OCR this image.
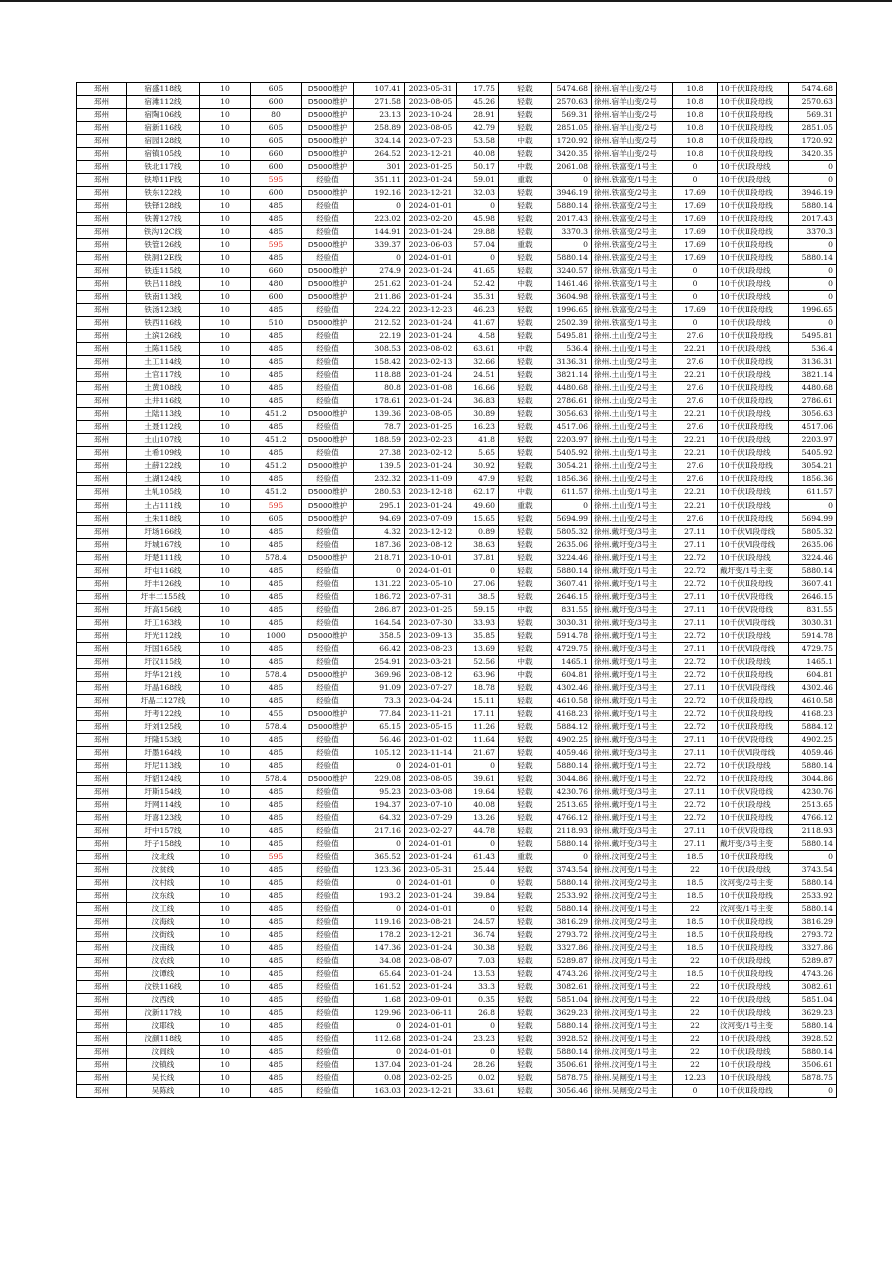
邳州	宿盛118线	10	605	D5000维护	107.41	2023-05-31	17.75	轻载	5474.68	徐州.宿羊山变/2号	10.8	10千伏Ⅱ段母线	5474.68
邳州	宿滩112线	10	600	D5000维护	271.58	2023-08-05	45.26	轻载	2570.63	徐州.宿羊山变/2号	10.8	10千伏Ⅱ段母线	2570.63
邳州	宿陶106线	10	80	D5000维护	23.13	2023-10-24	28.91	轻载	569.31	徐州.宿羊山变/2号	10.8	10千伏Ⅱ段母线	569.31
邳州	宿新116线	10	605	D5000维护	258.89	2023-08-05	42.79	轻载	2851.05	徐州.宿羊山变/2号	10.8	10千伏Ⅱ段母线	2851.05
邳州	宿园128线	10	605	D5000维护	324.14	2023-07-23	53.58	中载	1720.92	徐州.宿羊山变/2号	10.8	10千伏Ⅱ段母线	1720.92
邳州	宿镇105线	10	660	D5000维护	264.52	2023-12-21	40.08	轻载	3420.35	徐州.宿羊山变/2号	10.8	10千伏Ⅱ段母线	3420.35
邳州	铁北117线	10	600	D5000维护	301	2023-01-25	50.17	中载	2061.08	徐州.铁富变/1号主	0	10千伏Ⅰ段母线	0
邳州	铁埠11F线	10	595	经验值	351.11	2023-01-24	59.01	重载	0	徐州.铁富变/1号主	0	10千伏Ⅰ段母线	0
邳州	铁东122线	10	600	D5000维护	192.16	2023-12-21	32.03	轻载	3946.19	徐州.铁富变/2号主	17.69	10千伏Ⅱ段母线	3946.19
邳州	铁铎128线	10	485	经验值	0	2024-01-01	0	轻载	5880.14	徐州.铁富变/2号主	17.69	10千伏Ⅱ段母线	5880.14
邳州	铁菁127线	10	485	经验值	223.02	2023-02-20	45.98	轻载	2017.43	徐州.铁富变/2号主	17.69	10千伏Ⅱ段母线	2017.43
邳州	铁沟12C线	10	485	经验值	144.91	2023-01-24	29.88	轻载	3370.3	徐州.铁富变/2号主	17.69	10千伏Ⅱ段母线	3370.3
邳州	铁管126线	10	595	D5000维护	339.37	2023-06-03	57.04	重载	0	徐州.铁富变/2号主	17.69	10千伏Ⅱ段母线	0
邳州	铁洞12E线	10	485	经验值	0	2024-01-01	0	轻载	5880.14	徐州.铁富变/2号主	17.69	10千伏Ⅱ段母线	5880.14
邳州	铁连115线	10	660	D5000维护	274.9	2023-01-24	41.65	轻载	3240.57	徐州.铁富变/1号主	0	10千伏Ⅰ段母线	0
邳州	铁吕118线	10	480	D5000维护	251.62	2023-01-24	52.42	中载	1461.46	徐州.铁富变/1号主	0	10千伏Ⅰ段母线	0
邳州	铁南113线	10	600	D5000维护	211.86	2023-01-24	35.31	轻载	3604.98	徐州.铁富变/1号主	0	10千伏Ⅰ段母线	0
邳州	铁汤123线	10	485	经验值	224.22	2023-12-23	46.23	轻载	1996.65	徐州.铁富变/2号主	17.69	10千伏Ⅱ段母线	1996.65
邳州	铁西116线	10	510	D5000维护	212.52	2023-01-24	41.67	轻载	2502.39	徐州.铁富变/1号主	0	10千伏Ⅰ段母线	0
邳州	土滨126线	10	485	经验值	22.19	2023-01-24	4.58	轻载	5495.81	徐州.土山变/2号主	27.6	10千伏Ⅱ段母线	5495.81
邳州	土陈115线	10	485	经验值	308.53	2023-08-02	63.61	中载	536.4	徐州.土山变/1号主	22.21	10千伏Ⅰ段母线	536.4
邳州	土工114线	10	485	经验值	158.42	2023-02-13	32.66	轻载	3136.31	徐州.土山变/2号主	27.6	10千伏Ⅱ段母线	3136.31
邳州	土官117线	10	485	经验值	118.88	2023-01-24	24.51	轻载	3821.14	徐州.土山变/1号主	22.21	10千伏Ⅰ段母线	3821.14
邳州	土黄108线	10	485	经验值	80.8	2023-01-08	16.66	轻载	4480.68	徐州.土山变/2号主	27.6	10千伏Ⅱ段母线	4480.68
邳州	土井116线	10	485	经验值	178.61	2023-01-24	36.83	轻载	2786.61	徐州.土山变/2号主	27.6	10千伏Ⅱ段母线	2786.61
邳州	土陆113线	10	451.2	D5000维护	139.36	2023-08-05	30.89	轻载	3056.63	徐州.土山变/1号主	22.21	10千伏Ⅰ段母线	3056.63
邳州	土聂112线	10	485	经验值	78.7	2023-01-25	16.23	轻载	4517.06	徐州.土山变/2号主	27.6	10千伏Ⅱ段母线	4517.06
邳州	土山107线	10	451.2	D5000维护	188.59	2023-02-23	41.8	轻载	2203.97	徐州.土山变/1号主	22.21	10千伏Ⅰ段母线	2203.97
邳州	土希109线	10	485	经验值	27.38	2023-02-12	5.65	轻载	5405.92	徐州.土山变/1号主	22.21	10千伏Ⅰ段母线	5405.92
邳州	土薛122线	10	451.2	D5000维护	139.5	2023-01-24	30.92	轻载	3054.21	徐州.土山变/2号主	27.6	10千伏Ⅱ段母线	3054.21
邳州	土湖124线	10	485	经验值	232.32	2023-11-09	47.9	轻载	1856.36	徐州.土山变/2号主	27.6	10千伏Ⅱ段母线	1856.36
邳州	土轧105线	10	451.2	D5000维护	280.53	2023-12-18	62.17	中载	611.57	徐州.土山变/1号主	22.21	10千伏Ⅰ段母线	611.57
邳州	土占111线	10	595	D5000维护	295.1	2023-01-24	49.60	重载	0	徐州.土山变/1号主	22.21	10千伏Ⅰ段母线	0
邳州	土朱118线	10	605	D5000维护	94.69	2023-07-09	15.65	轻载	5694.99	徐州.土山变/2号主	27.6	10千伏Ⅱ段母线	5694.99
邳州	圩场166线	10	485	经验值	4.32	2023-12-12	0.89	轻载	5805.32	徐州.戴圩变/3号主	27.11	10千伏Ⅵ段母线	5805.32
邳州	圩城167线	10	485	经验值	187.36	2023-08-12	38.63	轻载	2635.06	徐州.戴圩变/3号主	27.11	10千伏Ⅵ段母线	2635.06
邳州	圩楚111线	10	578.4	D5000维护	218.71	2023-10-01	37.81	轻载	3224.46	徐州.戴圩变/1号主	22.72	10千伏Ⅰ段母线	3224.46
邳州	圩屯116线	10	485	经验值	0	2024-01-01	0	轻载	5880.14	徐州.戴圩变/1号主	22.72	戴圩变/1号主变	5880.14
邳州	圩丰126线	10	485	经验值	131.22	2023-05-10	27.06	轻载	3607.41	徐州.戴圩变/1号主	22.72	10千伏Ⅱ段母线	3607.41
邳州	圩丰二155线	10	485	经验值	186.72	2023-07-31	38.5	轻载	2646.15	徐州.戴圩变/3号主	27.11	10千伏Ⅴ段母线	2646.15
邳州	圩高156线	10	485	经验值	286.87	2023-01-25	59.15	中载	831.55	徐州.戴圩变/3号主	27.11	10千伏Ⅴ段母线	831.55
邳州	圩工163线	10	485	经验值	164.54	2023-07-30	33.93	轻载	3030.31	徐州.戴圩变/3号主	27.11	10千伏Ⅵ段母线	3030.31
邳州	圩光112线	10	1000	D5000维护	358.5	2023-09-13	35.85	轻载	5914.78	徐州.戴圩变/1号主	22.72	10千伏Ⅰ段母线	5914.78
邳州	圩国165线	10	485	经验值	66.42	2023-08-23	13.69	轻载	4729.75	徐州.戴圩变/3号主	27.11	10千伏Ⅵ段母线	4729.75
邳州	圩汉115线	10	485	经验值	254.91	2023-03-21	52.56	中载	1465.1	徐州.戴圩变/1号主	22.72	10千伏Ⅰ段母线	1465.1
邳州	圩华121线	10	578.4	D5000维护	369.96	2023-08-12	63.96	中载	604.81	徐州.戴圩变/1号主	22.72	10千伏Ⅱ段母线	604.81
邳州	圩晶168线	10	485	经验值	91.09	2023-07-27	18.78	轻载	4302.46	徐州.戴圩变/3号主	27.11	10千伏Ⅵ段母线	4302.46
邳州	圩晶二127线	10	485	经验值	73.3	2023-04-24	15.11	轻载	4610.58	徐州.戴圩变/1号主	22.72	10千伏Ⅱ段母线	4610.58
邳州	圩考122线	10	455	D5000维护	77.84	2023-11-21	17.11	轻载	4168.23	徐州.戴圩变/1号主	22.72	10千伏Ⅱ段母线	4168.23
邳州	圩刘125线	10	578.4	D5000维护	65.15	2023-05-15	11.26	轻载	5884.12	徐州.戴圩变/1号主	22.72	10千伏Ⅱ段母线	5884.12
邳州	圩隆153线	10	485	经验值	56.46	2023-01-02	11.64	轻载	4902.25	徐州.戴圩变/3号主	27.11	10千伏Ⅴ段母线	4902.25
邳州	圩墨164线	10	485	经验值	105.12	2023-11-14	21.67	轻载	4059.46	徐州.戴圩变/3号主	27.11	10千伏Ⅵ段母线	4059.46
邳州	圩尼113线	10	485	经验值	0	2024-01-01	0	轻载	5880.14	徐州.戴圩变/1号主	22.72	10千伏Ⅰ段母线	5880.14
邳州	圩貂124线	10	578.4	D5000维护	229.08	2023-08-05	39.61	轻载	3044.86	徐州.戴圩变/1号主	22.72	10千伏Ⅱ段母线	3044.86
邳州	圩斯154线	10	485	经验值	95.23	2023-03-08	19.64	轻载	4230.76	徐州.戴圩变/3号主	27.11	10千伏Ⅴ段母线	4230.76
邳州	圩网114线	10	485	经验值	194.37	2023-07-10	40.08	轻载	2513.65	徐州.戴圩变/1号主	22.72	10千伏Ⅰ段母线	2513.65
邳州	圩喜123线	10	485	经验值	64.32	2023-07-29	13.26	轻载	4766.12	徐州.戴圩变/1号主	22.72	10千伏Ⅱ段母线	4766.12
邳州	圩中157线	10	485	经验值	217.16	2023-02-27	44.78	轻载	2118.93	徐州.戴圩变/3号主	27.11	10千伏Ⅴ段母线	2118.93
邳州	圩子158线	10	485	经验值	0	2024-01-01	0	轻载	5880.14	徐州.戴圩变/3号主	27.11	戴圩变/3号主变	5880.14
邳州	汶北线	10	595	经验值	365.52	2023-01-24	61.43	重载	0	徐州.汶河变/2号主	18.5	10千伏Ⅱ段母线	0
邳州	汶贫线	10	485	经验值	123.36	2023-05-31	25.44	轻载	3743.54	徐州.汶河变/1号主	22	10千伏Ⅰ段母线	3743.54
邳州	汶村线	10	485	经验值	0	2024-01-01	0	轻载	5880.14	徐州.汶河变/2号主	18.5	汶河变/2号主变	5880.14
邳州	汶东线	10	485	经验值	193.2	2023-01-24	39.84	轻载	2533.92	徐州.汶河变/2号主	18.5	10千伏Ⅱ段母线	2533.92
邳州	汶工线	10	485	经验值	0	2024-01-01	0	轻载	5880.14	徐州.汶河变/1号主	22	汶河变/1号主变	5880.14
邳州	汶海线	10	485	经验值	119.16	2023-08-21	24.57	轻载	3816.29	徐州.汶河变/2号主	18.5	10千伏Ⅱ段母线	3816.29
邳州	汶街线	10	485	经验值	178.2	2023-12-21	36.74	轻载	2793.72	徐州.汶河变/2号主	18.5	10千伏Ⅱ段母线	2793.72
邳州	汶南线	10	485	经验值	147.36	2023-01-24	30.38	轻载	3327.86	徐州.汶河变/2号主	18.5	10千伏Ⅱ段母线	3327.86
邳州	汶农线	10	485	经验值	34.08	2023-08-07	7.03	轻载	5289.87	徐州.汶河变/1号主	22	10千伏Ⅰ段母线	5289.87
邳州	汶谭线	10	485	经验值	65.64	2023-01-24	13.53	轻载	4743.26	徐州.汶河变/2号主	18.5	10千伏Ⅱ段母线	4743.26
邳州	汶铁116线	10	485	经验值	161.52	2023-01-24	33.3	轻载	3082.61	徐州.汶河变/1号主	22	10千伏Ⅰ段母线	3082.61
邳州	汶西线	10	485	经验值	1.68	2023-09-01	0.35	轻载	5851.04	徐州.汶河变/1号主	22	10千伏Ⅰ段母线	5851.04
邳州	汶新117线	10	485	经验值	129.96	2023-06-11	26.8	轻载	3629.23	徐州.汶河变/1号主	22	10千伏Ⅰ段母线	3629.23
邳州	汶耶线	10	485	经验值	0	2024-01-01	0	轻载	5880.14	徐州.汶河变/1号主	22	汶河变/1号主变	5880.14
邳州	汶颜118线	10	485	经验值	112.68	2023-01-24	23.23	轻载	3928.52	徐州.汶河变/1号主	22	10千伏Ⅰ段母线	3928.52
邳州	汶闾线	10	485	经验值	0	2024-01-01	0	轻载	5880.14	徐州.汶河变/1号主	22	10千伏Ⅰ段母线	5880.14
邳州	汶镇线	10	485	经验值	137.04	2023-01-24	28.26	轻载	3506.61	徐州.汶河变/1号主	22	10千伏Ⅰ段母线	3506.61
邳州	吴长线	10	485	经验值	0.08	2023-02-25	0.02	轻载	5878.75	徐州.吴闸变/1号主	12.23	10千伏Ⅰ段母线	5878.75
邳州	吴陈线	10	485	经验值	163.03	2023-12-21	33.61	轻载	3056.46	徐州.吴闸变/2号主	0	10千伏Ⅱ段母线	0
